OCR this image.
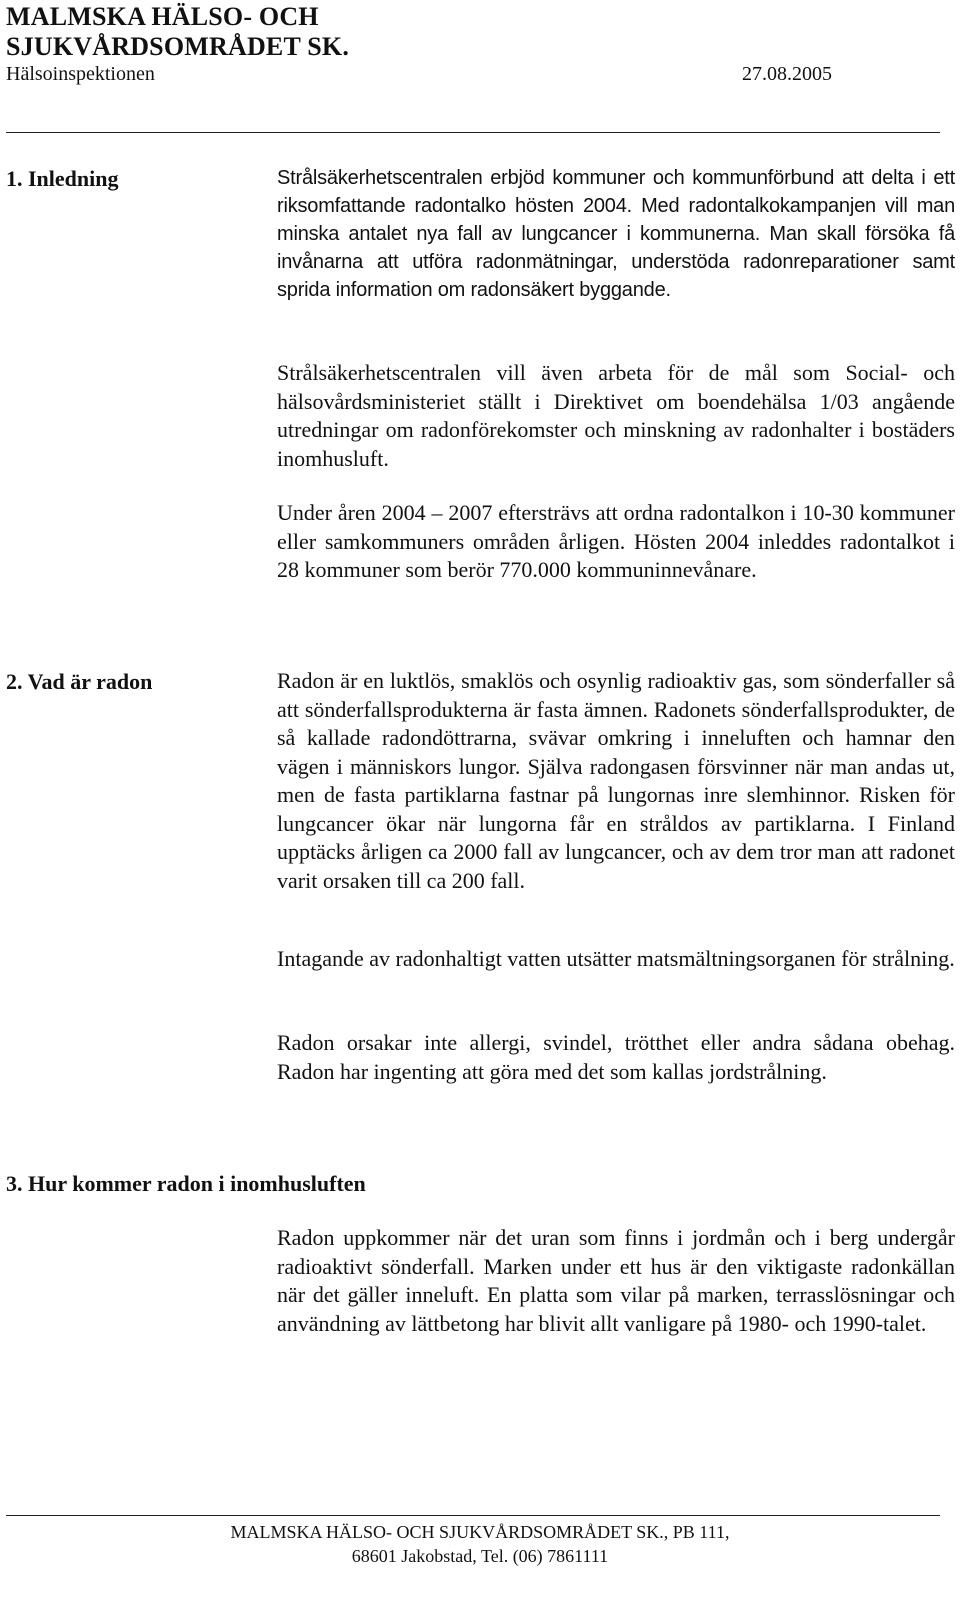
MALMSKA HÄLSO- OCH
SJUKVÅRDSOMRÅDET SK.
Hälsoinspektionen	27.08.2005
1. Inledning	Strålsäkerhetscentralen erbjöd kommuner och kommunförbund att delta i ett riksomfattande radontalko hösten 2004. Med radontalkokampanjen vill man minska antalet nya fall av lungcancer i kommunerna. Man skall försöka få invånarna att utföra radonmätningar, understöda radonreparationer samt sprida information om radonsäkert byggande.

Strålsäkerhetscentralen vill även arbeta för de mål som Social- och hälsovårdsministeriet ställt i Direktivet om boendehälsa 1/03 angående utredningar om radonförekomster och minskning av radonhalter i bostäders inomhusluft.

Under åren 2004 – 2007 eftersträvs att ordna radontalkon i 10-30 kommuner eller samkommuners områden årligen. Hösten 2004 inleddes radontalkot i 28 kommuner som berör 770.000 kommuninnevånare.

2. Vad är radon	Radon är en luktlös, smaklös och osynlig radioaktiv gas, som sönderfaller så att sönderfallsprodukterna är fasta ämnen. Radonets sönderfallsprodukter, de så kallade radondöttrarna, svävar omkring i inneluften och hamnar den vägen i människors lungor. Själva radongasen försvinner när man andas ut, men de fasta partiklarna fastnar på lungornas inre slemhinnor. Risken för lungcancer ökar när lungorna får en stråldos av partiklarna. I Finland upptäcks årligen ca 2000 fall av lungcancer, och av dem tror man att radonet varit orsaken till ca 200 fall.

Intagande av radonhaltigt vatten utsätter matsmältningsorganen för strålning.

Radon orsakar inte allergi, svindel, trötthet eller andra sådana obehag. Radon har ingenting att göra med det som kallas jordstrålning.

3. Hur kommer radon i inomhusluften

Radon uppkommer när det uran som finns i jordmån och i berg undergår radioaktivt sönderfall. Marken under ett hus är den viktigaste radonkällan när det gäller inneluft. En platta som vilar på marken, terrasslösningar och användning av lättbetong har blivit allt vanligare på 1980- och 1990-talet.

MALMSKA HÄLSO- OCH SJUKVÅRDSOMRÅDET SK., PB 111,
68601 Jakobstad, Tel. (06) 7861111
